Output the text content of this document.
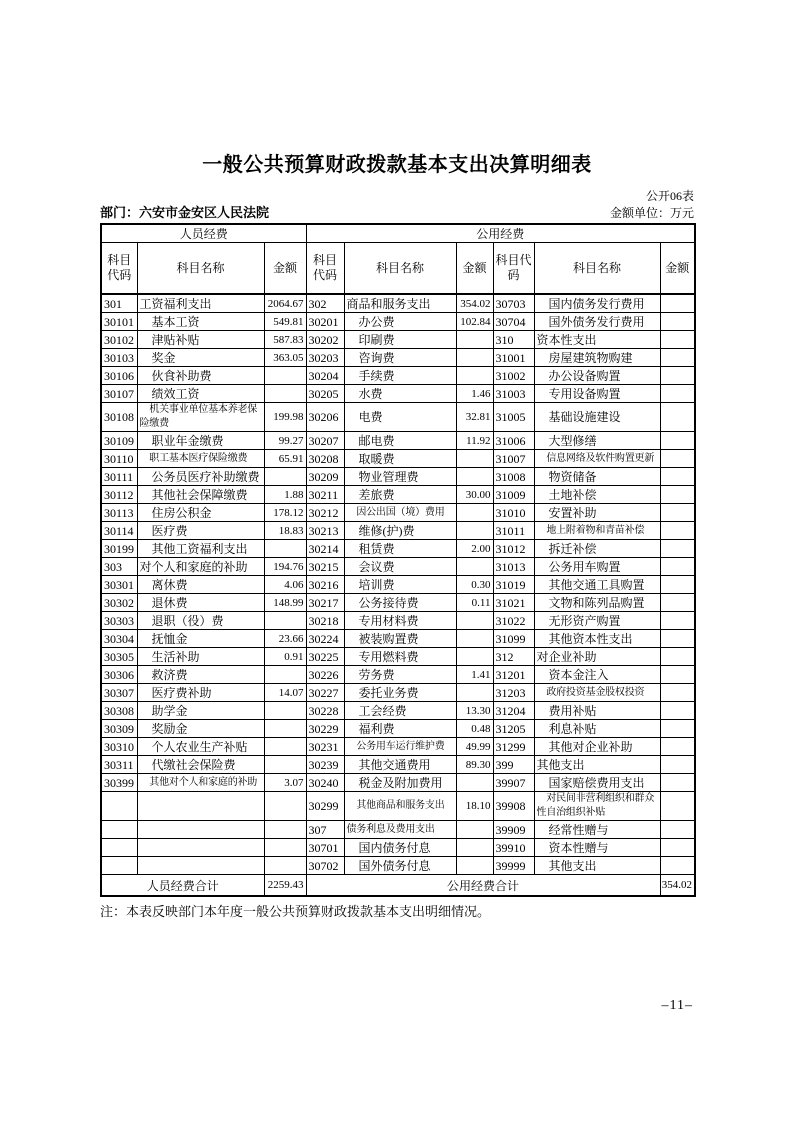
一般公共预算财政拨款基本支出决算明细表
公开06表
部门：六安市金安区人民法院	金额单位：万元
人员经费			公用经费					
科目代码	科目名称	金额	科目代码	科目名称	金额	科目代码	科目名称	金额
301	工资福利支出	2064.67	302	商品和服务支出	354.02	30703	　国内债务发行费用	
30101	　基本工资	549.81	30201	　办公费	102.84	30704	　国外债务发行费用	
30102	　津贴补贴	587.83	30202	　印刷费		310	资本性支出	
30103	　奖金	363.05	30203	　咨询费		31001	　房屋建筑物购建	
30106	　伙食补助费		30204	　手续费		31002	　办公设备购置	
30107	　绩效工资		30205	　水费	1.46	31003	　专用设备购置	
30108	　机关事业单位基本养老保险缴费	199.98	30206	　电费	32.81	31005	　基础设施建设	
30109	　职业年金缴费	99.27	30207	　邮电费	11.92	31006	　大型修缮	
30110	　职工基本医疗保险缴费	65.91	30208	　取暖费		31007	　信息网络及软件购置更新	
30111	　公务员医疗补助缴费		30209	　物业管理费		31008	　物资储备	
30112	　其他社会保障缴费	1.88	30211	　差旅费	30.00	31009	　土地补偿	
30113	　住房公积金	178.12	30212	　因公出国（境）费用		31010	　安置补助	
30114	　医疗费	18.83	30213	　维修(护)费		31011	　地上附着物和青苗补偿	
30199	　其他工资福利支出		30214	　租赁费	2.00	31012	　拆迁补偿	
303	对个人和家庭的补助	194.76	30215	　会议费		31013	　公务用车购置	
30301	　离休费	4.06	30216	　培训费	0.30	31019	　其他交通工具购置	
30302	　退休费	148.99	30217	　公务接待费	0.11	31021	　文物和陈列品购置	
30303	　退职（役）费		30218	　专用材料费		31022	　无形资产购置	
30304	　抚恤金	23.66	30224	　被装购置费		31099	　其他资本性支出	
30305	　生活补助	0.91	30225	　专用燃料费		312	对企业补助	
30306	　救济费		30226	　劳务费	1.41	31201	　资本金注入	
30307	　医疗费补助	14.07	30227	　委托业务费		31203	　政府投资基金股权投资	
30308	　助学金		30228	　工会经费	13.30	31204	　费用补贴	
30309	　奖励金		30229	　福利费	0.48	31205	　利息补贴	
30310	　个人农业生产补贴		30231	　公务用车运行维护费	49.99	31299	　其他对企业补助	
30311	　代缴社会保险费		30239	　其他交通费用	89.30	399	其他支出	
30399	　其他对个人和家庭的补助	3.07	30240	　税金及附加费用		39907	　国家赔偿费用支出	
			30299	　其他商品和服务支出	18.10	39908	　对民间非营利组织和群众性自治组织补贴	
			307	债务利息及费用支出		39909	　经常性赠与	
			30701	　国内债务付息		39910	　资本性赠与	
			30702	　国外债务付息		39999	　其他支出	
人员经费合计		2259.43	公用经费合计					354.02
注：本表反映部门本年度一般公共预算财政拨款基本支出明细情况。
–11–
